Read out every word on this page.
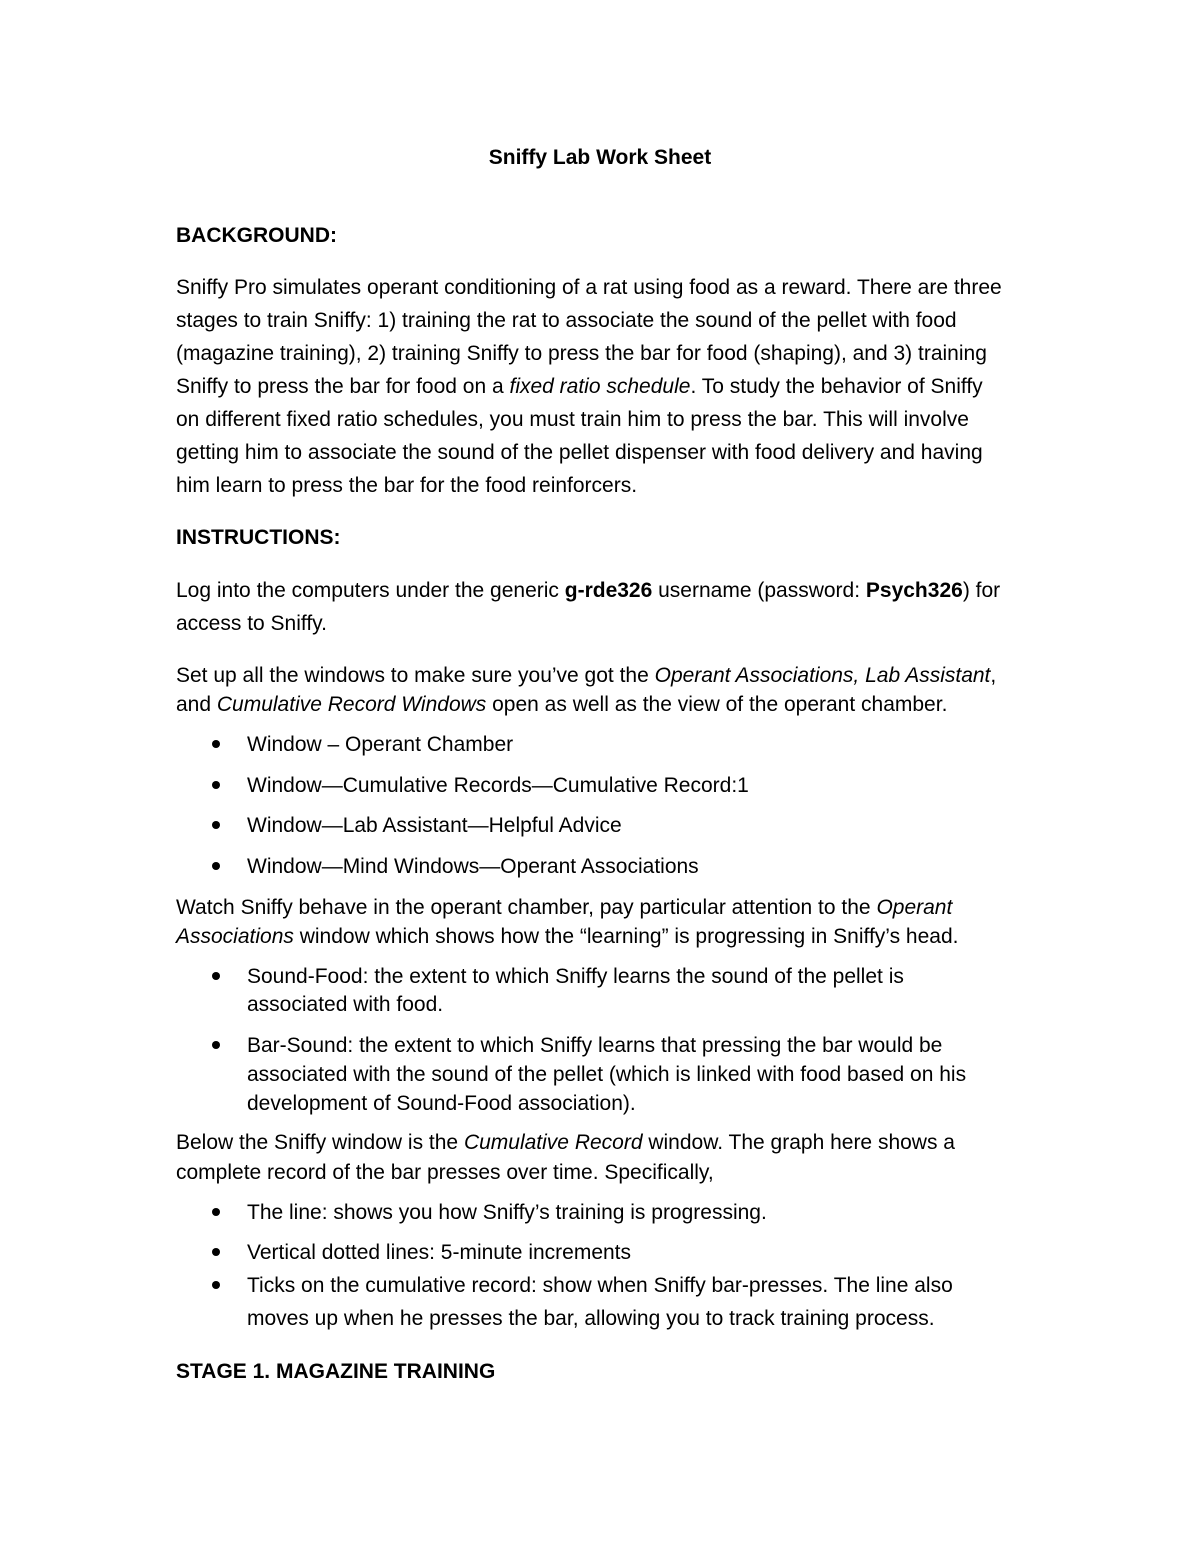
Sniffy Lab Work Sheet
BACKGROUND:
Sniffy Pro simulates operant conditioning of a rat using food as a reward. There are three
stages to train Sniffy: 1) training the rat to associate the sound of the pellet with food
(magazine training), 2) training Sniffy to press the bar for food (shaping), and 3) training
Sniffy to press the bar for food on a fixed ratio schedule. To study the behavior of Sniffy
on different fixed ratio schedules, you must train him to press the bar. This will involve
getting him to associate the sound of the pellet dispenser with food delivery and having
him learn to press the bar for the food reinforcers.
INSTRUCTIONS:
Log into the computers under the generic g-rde326 username (password: Psych326) for
access to Sniffy.
Set up all the windows to make sure you’ve got the Operant Associations, Lab Assistant,
and Cumulative Record Windows open as well as the view of the operant chamber.
Window – Operant Chamber
Window—Cumulative Records—Cumulative Record:1
Window—Lab Assistant—Helpful Advice
Window—Mind Windows—Operant Associations
Watch Sniffy behave in the operant chamber, pay particular attention to the Operant
Associations window which shows how the “learning” is progressing in Sniffy’s head.
Sound-Food: the extent to which Sniffy learns the sound of the pellet is
associated with food.
Bar-Sound: the extent to which Sniffy learns that pressing the bar would be
associated with the sound of the pellet (which is linked with food based on his
development of Sound-Food association).
Below the Sniffy window is the Cumulative Record window. The graph here shows a
complete record of the bar presses over time. Specifically,
The line: shows you how Sniffy’s training is progressing.
Vertical dotted lines: 5-minute increments
Ticks on the cumulative record: show when Sniffy bar-presses. The line also
moves up when he presses the bar, allowing you to track training process.
STAGE 1. MAGAZINE TRAINING
